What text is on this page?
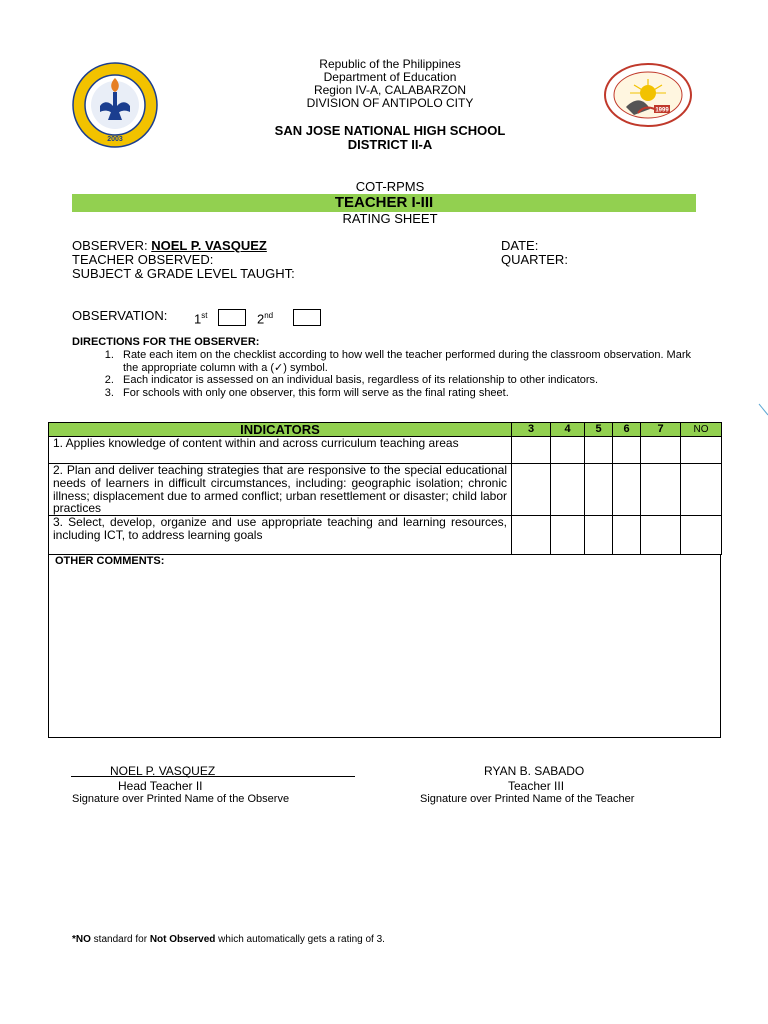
2003
1999
Republic of the Philippines
Department of Education
Region IV-A, CALABARZON
DIVISION OF ANTIPOLO CITY
SAN JOSE NATIONAL HIGH SCHOOL
DISTRICT II-A
COT-RPMS
TEACHER I-III
RATING SHEET
OBSERVER: NOEL P. VASQUEZ
TEACHER OBSERVED:
SUBJECT & GRADE LEVEL TAUGHT:
DATE:
QUARTER:
OBSERVATION: 1st	2nd
DIRECTIONS FOR THE OBSERVER:
1. Rate each item on the checklist according to how well the teacher performed during the classroom observation. Mark the appropriate column with a (✓) symbol.
2. Each indicator is assessed on an individual basis, regardless of its relationship to other indicators.
3. For schools with only one observer, this form will serve as the final rating sheet.
INDICATORS	3	4	5	6	7	NO
1. Applies knowledge of content within and across curriculum teaching areas						
2. Plan and deliver teaching strategies that are responsive to the special educational needs of learners in difficult circumstances, including: geographic isolation; chronic illness; displacement due to armed conflict; urban resettlement or disaster; child labor practices						
3. Select, develop, organize and use appropriate teaching and learning resources, including ICT, to address learning goals						
OTHER COMMENTS:
NOEL P. VASQUEZ
Head Teacher II
Signature over Printed Name of the Observe
RYAN B. SABADO
Teacher III
Signature over Printed Name of the Teacher
*NO standard for Not Observed which automatically gets a rating of 3.
